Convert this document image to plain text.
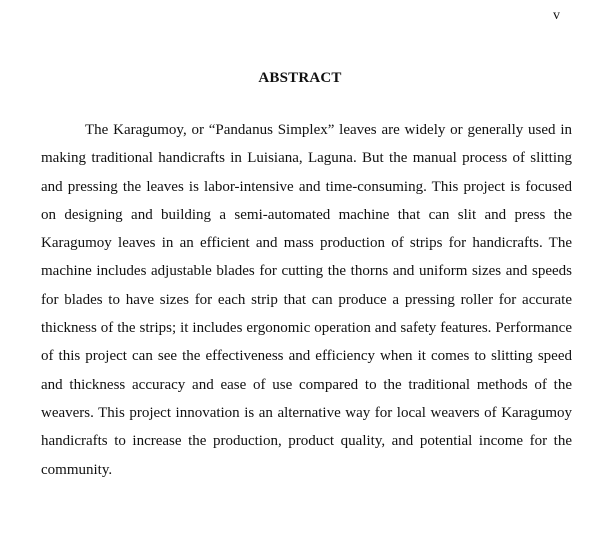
v

ABSTRACT

The Karagumoy, or “Pandanus Simplex” leaves are widely or generally used in making traditional handicrafts in Luisiana, Laguna. But the manual process of slitting and pressing the leaves is labor-intensive and time-consuming. This project is focused on designing and building a semi-automated machine that can slit and press the Karagumoy leaves in an efficient and mass production of strips for handicrafts. The machine includes adjustable blades for cutting the thorns and uniform sizes and speeds for blades to have sizes for each strip that can produce a pressing roller for accurate thickness of the strips; it includes ergonomic operation and safety features. Performance of this project can see the effectiveness and efficiency when it comes to slitting speed and thickness accuracy and ease of use compared to the traditional methods of the weavers. This project innovation is an alternative way for local weavers of Karagumoy handicrafts to increase the production, product quality, and potential income for the community.
